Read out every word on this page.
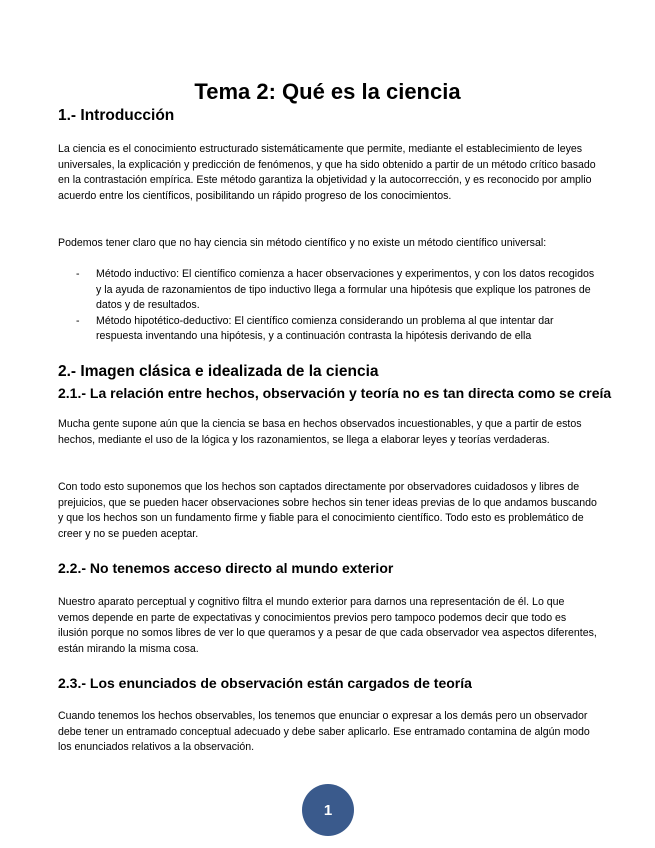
Tema 2: Qué es la ciencia
1.- Introducción

La ciencia es el conocimiento estructurado sistemáticamente que permite, mediante el establecimiento de leyes universales, la explicación y predicción de fenómenos, y que ha sido obtenido a partir de un método crítico basado en la contrastación empírica. Este método garantiza la objetividad y la autocorrección, y es reconocido por amplio acuerdo entre los científicos, posibilitando un rápido progreso de los conocimientos.

Podemos tener claro que no hay ciencia sin método científico y no existe un método científico universal:

- Método inductivo: El científico comienza a hacer observaciones y experimentos, y con los datos recogidos y la ayuda de razonamientos de tipo inductivo llega a formular una hipótesis que explique los patrones de datos y de resultados.
- Método hipotético-deductivo: El científico comienza considerando un problema al que intentar dar respuesta inventando una hipótesis, y a continuación contrasta la hipótesis derivando de ella
2.- Imagen clásica e idealizada de la ciencia
2.1.- La relación entre hechos, observación y teoría no es tan directa como se creía

Mucha gente supone aún que la ciencia se basa en hechos observados incuestionables, y que a partir de estos hechos, mediante el uso de la lógica y los razonamientos, se llega a elaborar leyes y teorías verdaderas.

Con todo esto suponemos que los hechos son captados directamente por observadores cuidadosos y libres de prejuicios, que se pueden hacer observaciones sobre hechos sin tener ideas previas de lo que andamos buscando y que los hechos son un fundamento firme y fiable para el conocimiento científico. Todo esto es problemático de creer y no se pueden aceptar.

2.2.- No tenemos acceso directo al mundo exterior

Nuestro aparato perceptual y cognitivo filtra el mundo exterior para darnos una representación de él. Lo que vemos depende en parte de expectativas y conocimientos previos pero tampoco podemos decir que todo es ilusión porque no somos libres de ver lo que queramos y a pesar de que cada observador vea aspectos diferentes, están mirando la misma cosa.

2.3.- Los enunciados de observación están cargados de teoría

Cuando tenemos los hechos observables, los tenemos que enunciar o expresar a los demás pero un observador debe tener un entramado conceptual adecuado y debe saber aplicarlo. Ese entramado contamina de algún modo los enunciados relativos a la observación.

1
